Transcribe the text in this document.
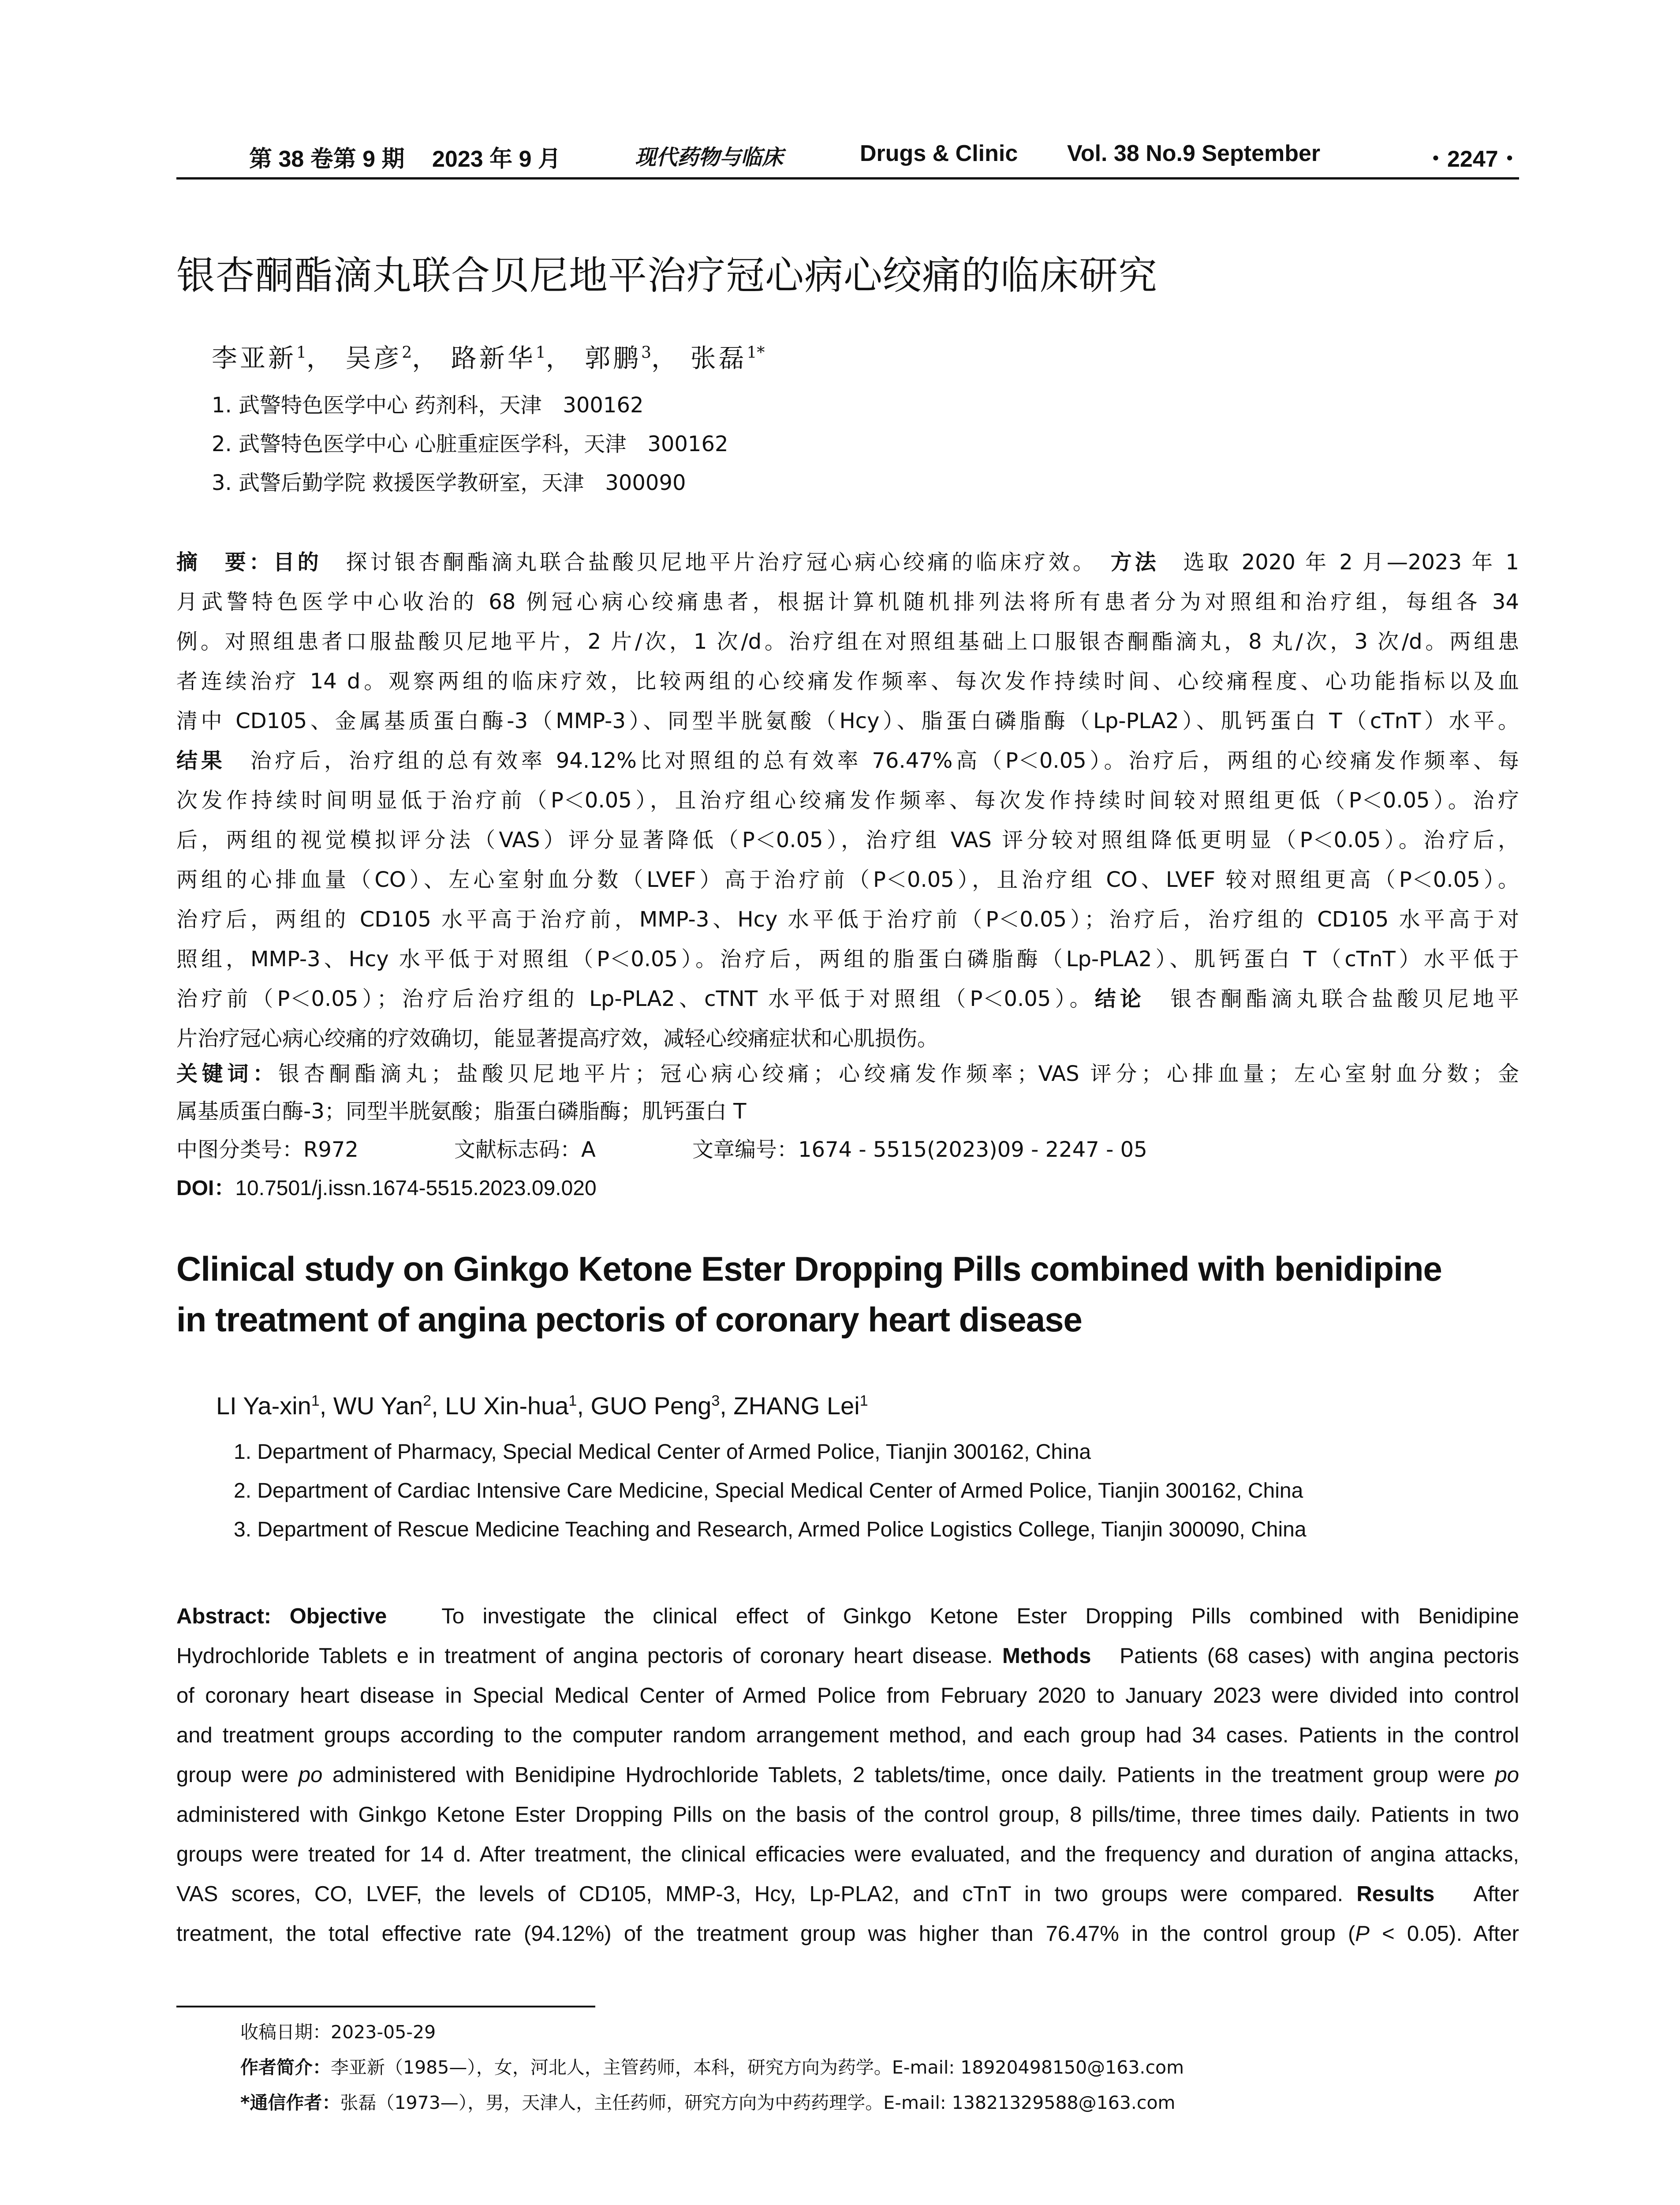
第 38 卷第 9 期 2023 年 9 月	现代药物与临床	Drugs & Clinic Vol. 38 No.9 September	・2247・
银杏酮酯滴丸联合贝尼地平治疗冠心病心绞痛的临床研究
李亚新$^1$， 吴彦$^2$， 路新华$^1$， 郭鹏$^3$， 张磊$^{1*}$
1. 武警特色医学中心 药剂科，天津　300162
2. 武警特色医学中心 心脏重症医学科，天津　300162
3. 武警后勤学院 救援医学教研室，天津　300090
摘　要：目的　 探讨银杏酮酯滴丸联合盐酸贝尼地平片治疗冠心病心绞痛的临床疗效。　 方法　 选取 2020 年 2 月—2023 年 1
月武警特色医学中心收治的 68 例冠心病心绞痛患者，根据计算机随机排列法将所有患者分为对照组和治疗组，每组各 34
例。对照组患者口服盐酸贝尼地平片，2 片/次，1 次/d。治疗组在对照组基础上口服银杏酮酯滴丸，8 丸/次，3 次/d。两组患
者连续治疗 14 d。观察两组的临床疗效，比较两组的心绞痛发作频率、每次发作持续时间、心绞痛程度、心功能指标以及血
清中 CD105、金属基质蛋白酶-3（MMP-3）、同型半胱氨酸（Hcy）、脂蛋白磷脂酶（Lp-PLA2）、肌钙蛋白 T（cTnT）水平。
结果　 治疗后，治疗组的总有效率 94.12%比对照组的总有效率 76.47%高（P＜0.05）。治疗后，两组的心绞痛发作频率、每
次发作持续时间明显低于治疗前（P＜0.05），且治疗组心绞痛发作频率、每次发作持续时间较对照组更低（P＜0.05）。治疗
后，两组的视觉模拟评分法（VAS）评分显著降低（P＜0.05），治疗组 VAS 评分较对照组降低更明显（P＜0.05）。治疗后，
两组的心排血量（CO）、左心室射血分数（LVEF）高于治疗前（P＜0.05），且治疗组 CO、LVEF 较对照组更高（P＜0.05）。
治疗后，两组的 CD105 水平高于治疗前，MMP-3、Hcy 水平低于治疗前（P＜0.05）；治疗后，治疗组的 CD105 水平高于对
照组，MMP-3、Hcy 水平低于对照组（P＜0.05）。治疗后，两组的脂蛋白磷脂酶（Lp-PLA2）、肌钙蛋白 T（cTnT）水平低于
治疗前（P＜0.05）；治疗后治疗组的 Lp-PLA2、cTNT 水平低于对照组（P＜0.05）。结论　 银杏酮酯滴丸联合盐酸贝尼地平
片治疗冠心病心绞痛的疗效确切，能显著提高疗效，减轻心绞痛症状和心肌损伤。
关键词：银杏酮酯滴丸；盐酸贝尼地平片；冠心病心绞痛；心绞痛发作频率；VAS 评分；心排血量；左心室射血分数；金
属基质蛋白酶-3；同型半胱氨酸；脂蛋白磷脂酶；肌钙蛋白 T
中图分类号：R972	文献标志码：A	文章编号：1674 - 5515(2023)09 - 2247 - 05
DOI：10.7501/j.issn.1674-5515.2023.09.020
Clinical study on Ginkgo Ketone Ester Dropping Pills combined with benidipine
in treatment of angina pectoris of coronary heart disease
LI Ya-xin$^1$, WU Yan$^2$, LU Xin-hua$^1$, GUO Peng$^3$, ZHANG Lei$^1$
1. Department of Pharmacy, Special Medical Center of Armed Police, Tianjin 300162, China
2. Department of Cardiac Intensive Care Medicine, Special Medical Center of Armed Police, Tianjin 300162, China
3. Department of Rescue Medicine Teaching and Research, Armed Police Logistics College, Tianjin 300090, China
Abstract: Objective	To investigate the clinical effect of Ginkgo Ketone Ester Dropping Pills combined with Benidipine
Hydrochloride Tablets e in treatment of angina pectoris of coronary heart disease. Methods Patients (68 cases) with angina pectoris
of coronary heart disease in Special Medical Center of Armed Police from February 2020 to January 2023 were divided into control
and treatment groups according to the computer random arrangement method, and each group had 34 cases. Patients in the control
group were po administered with Benidipine Hydrochloride Tablets, 2 tablets/time, once daily. Patients in the treatment group were po
administered with Ginkgo Ketone Ester Dropping Pills on the basis of the control group, 8 pills/time, three times daily. Patients in two
groups were treated for 14 d. After treatment, the clinical efficacies were evaluated, and the frequency and duration of angina attacks,
VAS scores, CO, LVEF, the levels of CD105, MMP-3, Hcy, Lp-PLA2, and cTnT in two groups were compared. Results After
treatment, the total effective rate (94.12%) of the treatment group was higher than 76.47% in the control group (P < 0.05). After
收稿日期：2023-05-29
作者简介：李亚新（1985—），女，河北人，主管药师，本科，研究方向为药学。E-mail: 18920498150@163.com
*通信作者：张磊（1973—），男，天津人，主任药师，研究方向为中药药理学。E-mail: 13821329588@163.com
